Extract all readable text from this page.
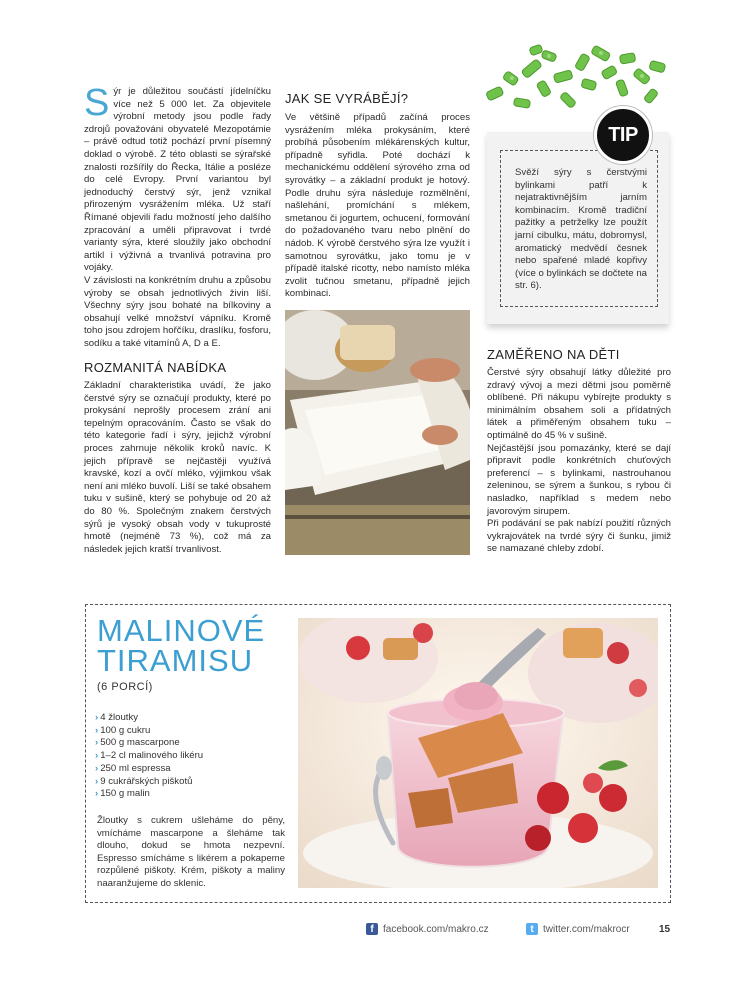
Sýr je důležitou součástí jídelníčku více než 5 000 let. Za objevitele výrobní metody jsou podle řady zdrojů považováni obyvatelé Mezopotámie – právě odtud totiž pochází první písemný doklad o výrobě. Z této oblasti se sýrařské znalosti rozšířily do Řecka, Itálie a posléze do celé Evropy. První variantou byl jednoduchý čerstvý sýr, jenž vznikal přirozeným vysrážením mléka. Už staří Římané objevili řadu možností jeho dalšího zpracování a uměli připravovat i tvrdé varianty sýra, které sloužily jako obchodní artikl i výživná a trvanlivá potravina pro vojáky.

V závislosti na konkrétním druhu a způsobu výroby se obsah jednotlivých živin liší. Všechny sýry jsou bohaté na bílkoviny a obsahují velké množství vápníku. Kromě toho jsou zdrojem hořčíku, draslíku, fosforu, sodíku a také vitamínů A, D a E.

ROZMANITÁ NABÍDKA

Základní charakteristika uvádí, že jako čerstvé sýry se označují produkty, které po prokysání neprošly procesem zrání ani tepelným opracováním. Často se však do této kategorie řadí i sýry, jejichž výrobní proces zahrnuje několik kroků navíc. K jejich přípravě se nejčastěji využívá kravské, kozí a ovčí mléko, výjimkou však není ani mléko buvolí. Liší se také obsahem tuku v sušině, který se pohybuje od 20 až do 80 %. Společným znakem čerstvých sýrů je vysoký obsah vody v tukuprosté hmotě (nejméně 73 %), což má za následek jejich kratší trvanlivost.

JAK SE VYRÁBĚJÍ?

Ve většině případů začíná proces vysrážením mléka prokysáním, které probíhá působením mlékárenských kultur, případně syřidla. Poté dochází k mechanickému oddělení sýrového zrna od syrovátky – a základní produkt je hotový. Podle druhu sýra následuje rozmělnění, našlehání, promíchání s mlékem, smetanou či jogurtem, ochucení, formování do požadovaného tvaru nebo plnění do nádob. K výrobě čerstvého sýra lze využít i samotnou syrovátku, jako tomu je v případě italské ricotty, nebo namísto mléka zvolit tučnou smetanu, případně jejich kombinaci.

Svěží sýry s čerstvými bylinkami patří k nejatraktivnějším jarním kombinacím. Kromě tradiční pažitky a petrželky lze použít jarní cibulku, mátu, dobromysl, aromatický medvědí česnek nebo spařené mladé kopřivy (více o bylinkách se dočtete na str. 6).
TIP
ZAMĚŘENO NA DĚTI

Čerstvé sýry obsahují látky důležité pro zdravý vývoj a mezi dětmi jsou poměrně oblíbené. Při nákupu vybírejte produkty s minimálním obsahem soli a přídatných látek a přiměřeným obsahem tuku – optimálně do 45 % v sušině.

Nejčastější jsou pomazánky, které se dají připravit podle konkrétních chuťových preferencí – s bylinkami, nastrouhanou zeleninou, se sýrem a šunkou, s rybou či nasladko, například s medem nebo javorovým sirupem.

Při podávání se pak nabízí použití různých vykrajovátek na tvrdé sýry či šunku, jimiž se namazané chleby zdobí.

MALINOVÉ
TIRAMISU
(6 PORCÍ)
› 4 žloutky
› 100 g cukru
› 500 g mascarpone
› 1–2 cl malinového likéru
› 250 ml espressa
› 9 cukrářských piškotů
› 150 g malin
Žloutky s cukrem ušleháme do pěny, vmícháme mascarpone a šleháme tak dlouho, dokud se hmota nezpevní. Espresso smícháme s likérem a pokapeme rozpůlené piškoty. Krém, piškoty a maliny naaranžujeme do sklenic.
f facebook.com/makro.cz	t twitter.com/makrocr	15
